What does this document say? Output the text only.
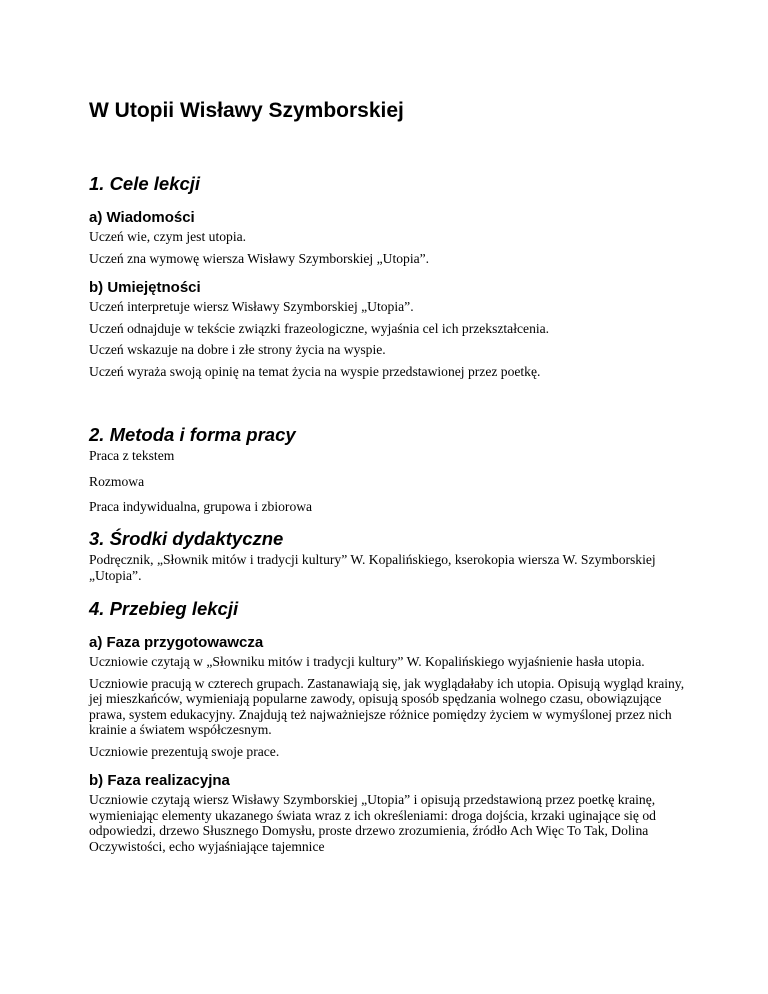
W Utopii Wisławy Szymborskiej
1. Cele lekcji
a) Wiadomości

Uczeń wie, czym jest utopia.

Uczeń zna wymowę wiersza Wisławy Szymborskiej „Utopia”.

b) Umiejętności

Uczeń interpretuje wiersz Wisławy Szymborskiej „Utopia”.

Uczeń odnajduje w tekście związki frazeologiczne, wyjaśnia cel ich przekształcenia.

Uczeń wskazuje na dobre i złe strony życia na wyspie.

Uczeń wyraża swoją opinię na temat życia na wyspie przedstawionej przez poetkę.

2. Metoda i forma pracy

Praca z tekstem

Rozmowa

Praca indywidualna, grupowa i zbiorowa

3. Środki dydaktyczne

Podręcznik, „Słownik mitów i tradycji kultury” W. Kopalińskiego, kserokopia wiersza W. Szymborskiej „Utopia”.

4. Przebieg lekcji
a) Faza przygotowawcza

Uczniowie czytają w „Słowniku mitów i tradycji kultury” W. Kopalińskiego wyjaśnienie hasła utopia.

Uczniowie pracują w czterech grupach. Zastanawiają się, jak wyglądałaby ich utopia. Opisują wygląd krainy, jej mieszkańców, wymieniają popularne zawody, opisują sposób spędzania wolnego czasu, obowiązujące prawa, system edukacyjny. Znajdują też najważniejsze różnice pomiędzy życiem w wymyślonej przez nich krainie a światem współczesnym.

Uczniowie prezentują swoje prace.

b) Faza realizacyjna

Uczniowie czytają wiersz Wisławy Szymborskiej „Utopia” i opisują przedstawioną przez poetkę krainę, wymieniając elementy ukazanego świata wraz z ich określeniami: droga dojścia, krzaki uginające się od odpowiedzi, drzewo Słusznego Domysłu, proste drzewo zrozumienia, źródło Ach Więc To Tak, Dolina Oczywistości, echo wyjaśniające tajemnice
